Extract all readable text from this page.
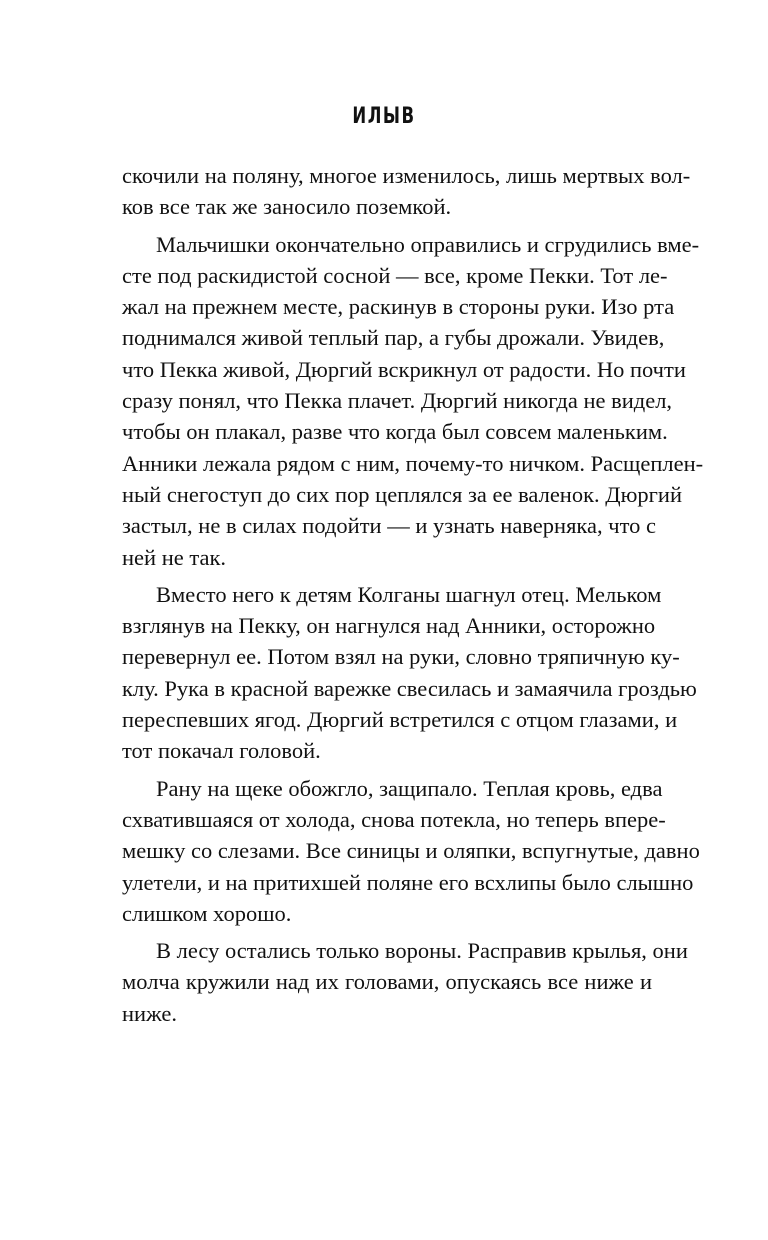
ИЛЫВ
скочили на поляну, многое изменилось, лишь мертвых вол-
ков все так же заносило поземкой.
Мальчишки окончательно оправились и сгрудились вме-
сте под раскидистой сосной — все, кроме Пекки. Тот ле-
жал на прежнем месте, раскинув в стороны руки. Изо рта
поднимался живой теплый пар, а губы дрожали. Увидев,
что Пекка живой, Дюргий вскрикнул от радости. Но почти
сразу понял, что Пекка плачет. Дюргий никогда не видел,
чтобы он плакал, разве что когда был совсем маленьким.
Анники лежала рядом с ним, почему-то ничком. Расщеплен-
ный снегоступ до сих пор цеплялся за ее валенок. Дюргий
застыл, не в силах подойти — и узнать наверняка, что с
ней не так.
Вместо него к детям Колганы шагнул отец. Мельком
взглянув на Пекку, он нагнулся над Анники, осторожно
перевернул ее. Потом взял на руки, словно тряпичную ку-
клу. Рука в красной варежке свесилась и замаячила гроздью
переспевших ягод. Дюргий встретился с отцом глазами, и
тот покачал головой.
Рану на щеке обожгло, защипало. Теплая кровь, едва
схватившаяся от холода, снова потекла, но теперь впере-
мешку со слезами. Все синицы и оляпки, вспугнутые, давно
улетели, и на притихшей поляне его всхлипы было слышно
слишком хорошо.
В лесу остались только вороны. Расправив крылья, они
молча кружили над их головами, опускаясь все ниже и
ниже.
